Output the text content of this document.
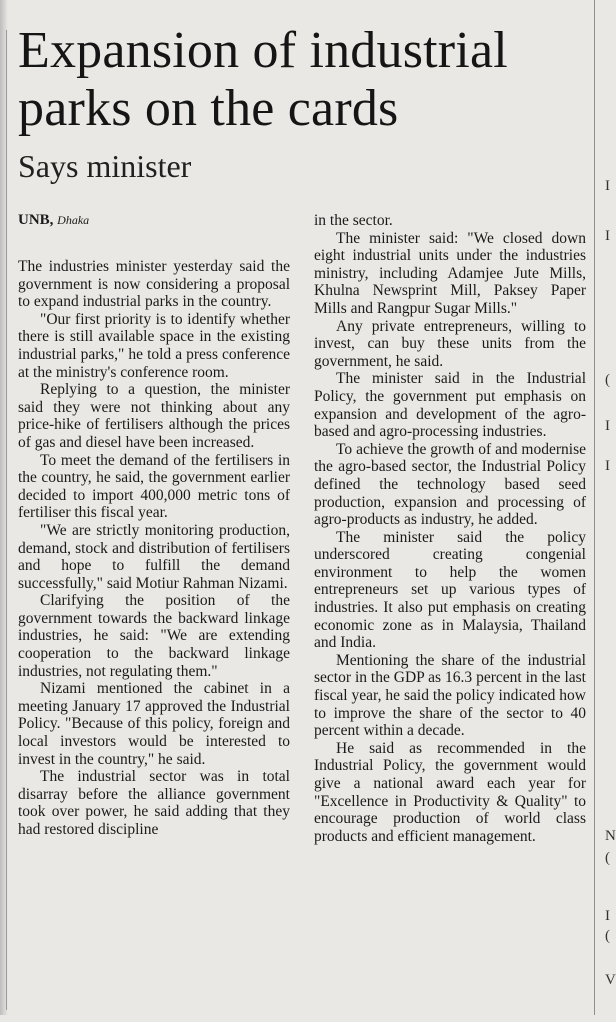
Expansion of industrial parks on the cards
Says minister
UNB, Dhaka

The industries minister yesterday said the government is now considering a proposal to expand industrial parks in the country.

"Our first priority is to identify whether there is still available space in the existing industrial parks," he told a press conference at the ministry's conference room.

Replying to a question, the minister said they were not thinking about any price-hike of fertilisers although the prices of gas and diesel have been increased.

To meet the demand of the fertilisers in the country, he said, the government earlier decided to import 400,000 metric tons of fertiliser this fiscal year.

"We are strictly monitoring production, demand, stock and distribution of fertilisers and hope to fulfill the demand successfully," said Motiur Rahman Nizami.

Clarifying the position of the government towards the backward linkage industries, he said: "We are extending cooperation to the backward linkage industries, not regulating them."

Nizami mentioned the cabinet in a meeting January 17 approved the Industrial Policy. "Because of this policy, foreign and local investors would be interested to invest in the country," he said.

The industrial sector was in total disarray before the alliance government took over power, he said adding that they had restored discipline

in the sector.

The minister said: "We closed down eight industrial units under the industries ministry, including Adamjee Jute Mills, Khulna Newsprint Mill, Paksey Paper Mills and Rangpur Sugar Mills."

Any private entrepreneurs, willing to invest, can buy these units from the government, he said.

The minister said in the Industrial Policy, the government put emphasis on expansion and development of the agro-based and agro-processing industries.

To achieve the growth of and modernise the agro-based sector, the Industrial Policy defined the technology based seed production, expansion and processing of agro-products as industry, he added.

The minister said the policy underscored creating congenial environment to help the women entrepreneurs set up various types of industries. It also put emphasis on creating economic zone as in Malaysia, Thailand and India.

Mentioning the share of the industrial sector in the GDP as 16.3 percent in the last fiscal year, he said the policy indicated how to improve the share of the sector to 40 percent within a decade.

He said as recommended in the Industrial Policy, the government would give a national award each year for "Excellence in Productivity & Quality" to encourage production of world class products and efficient management.

I
I
(
I
I
N
(
I
(
V
